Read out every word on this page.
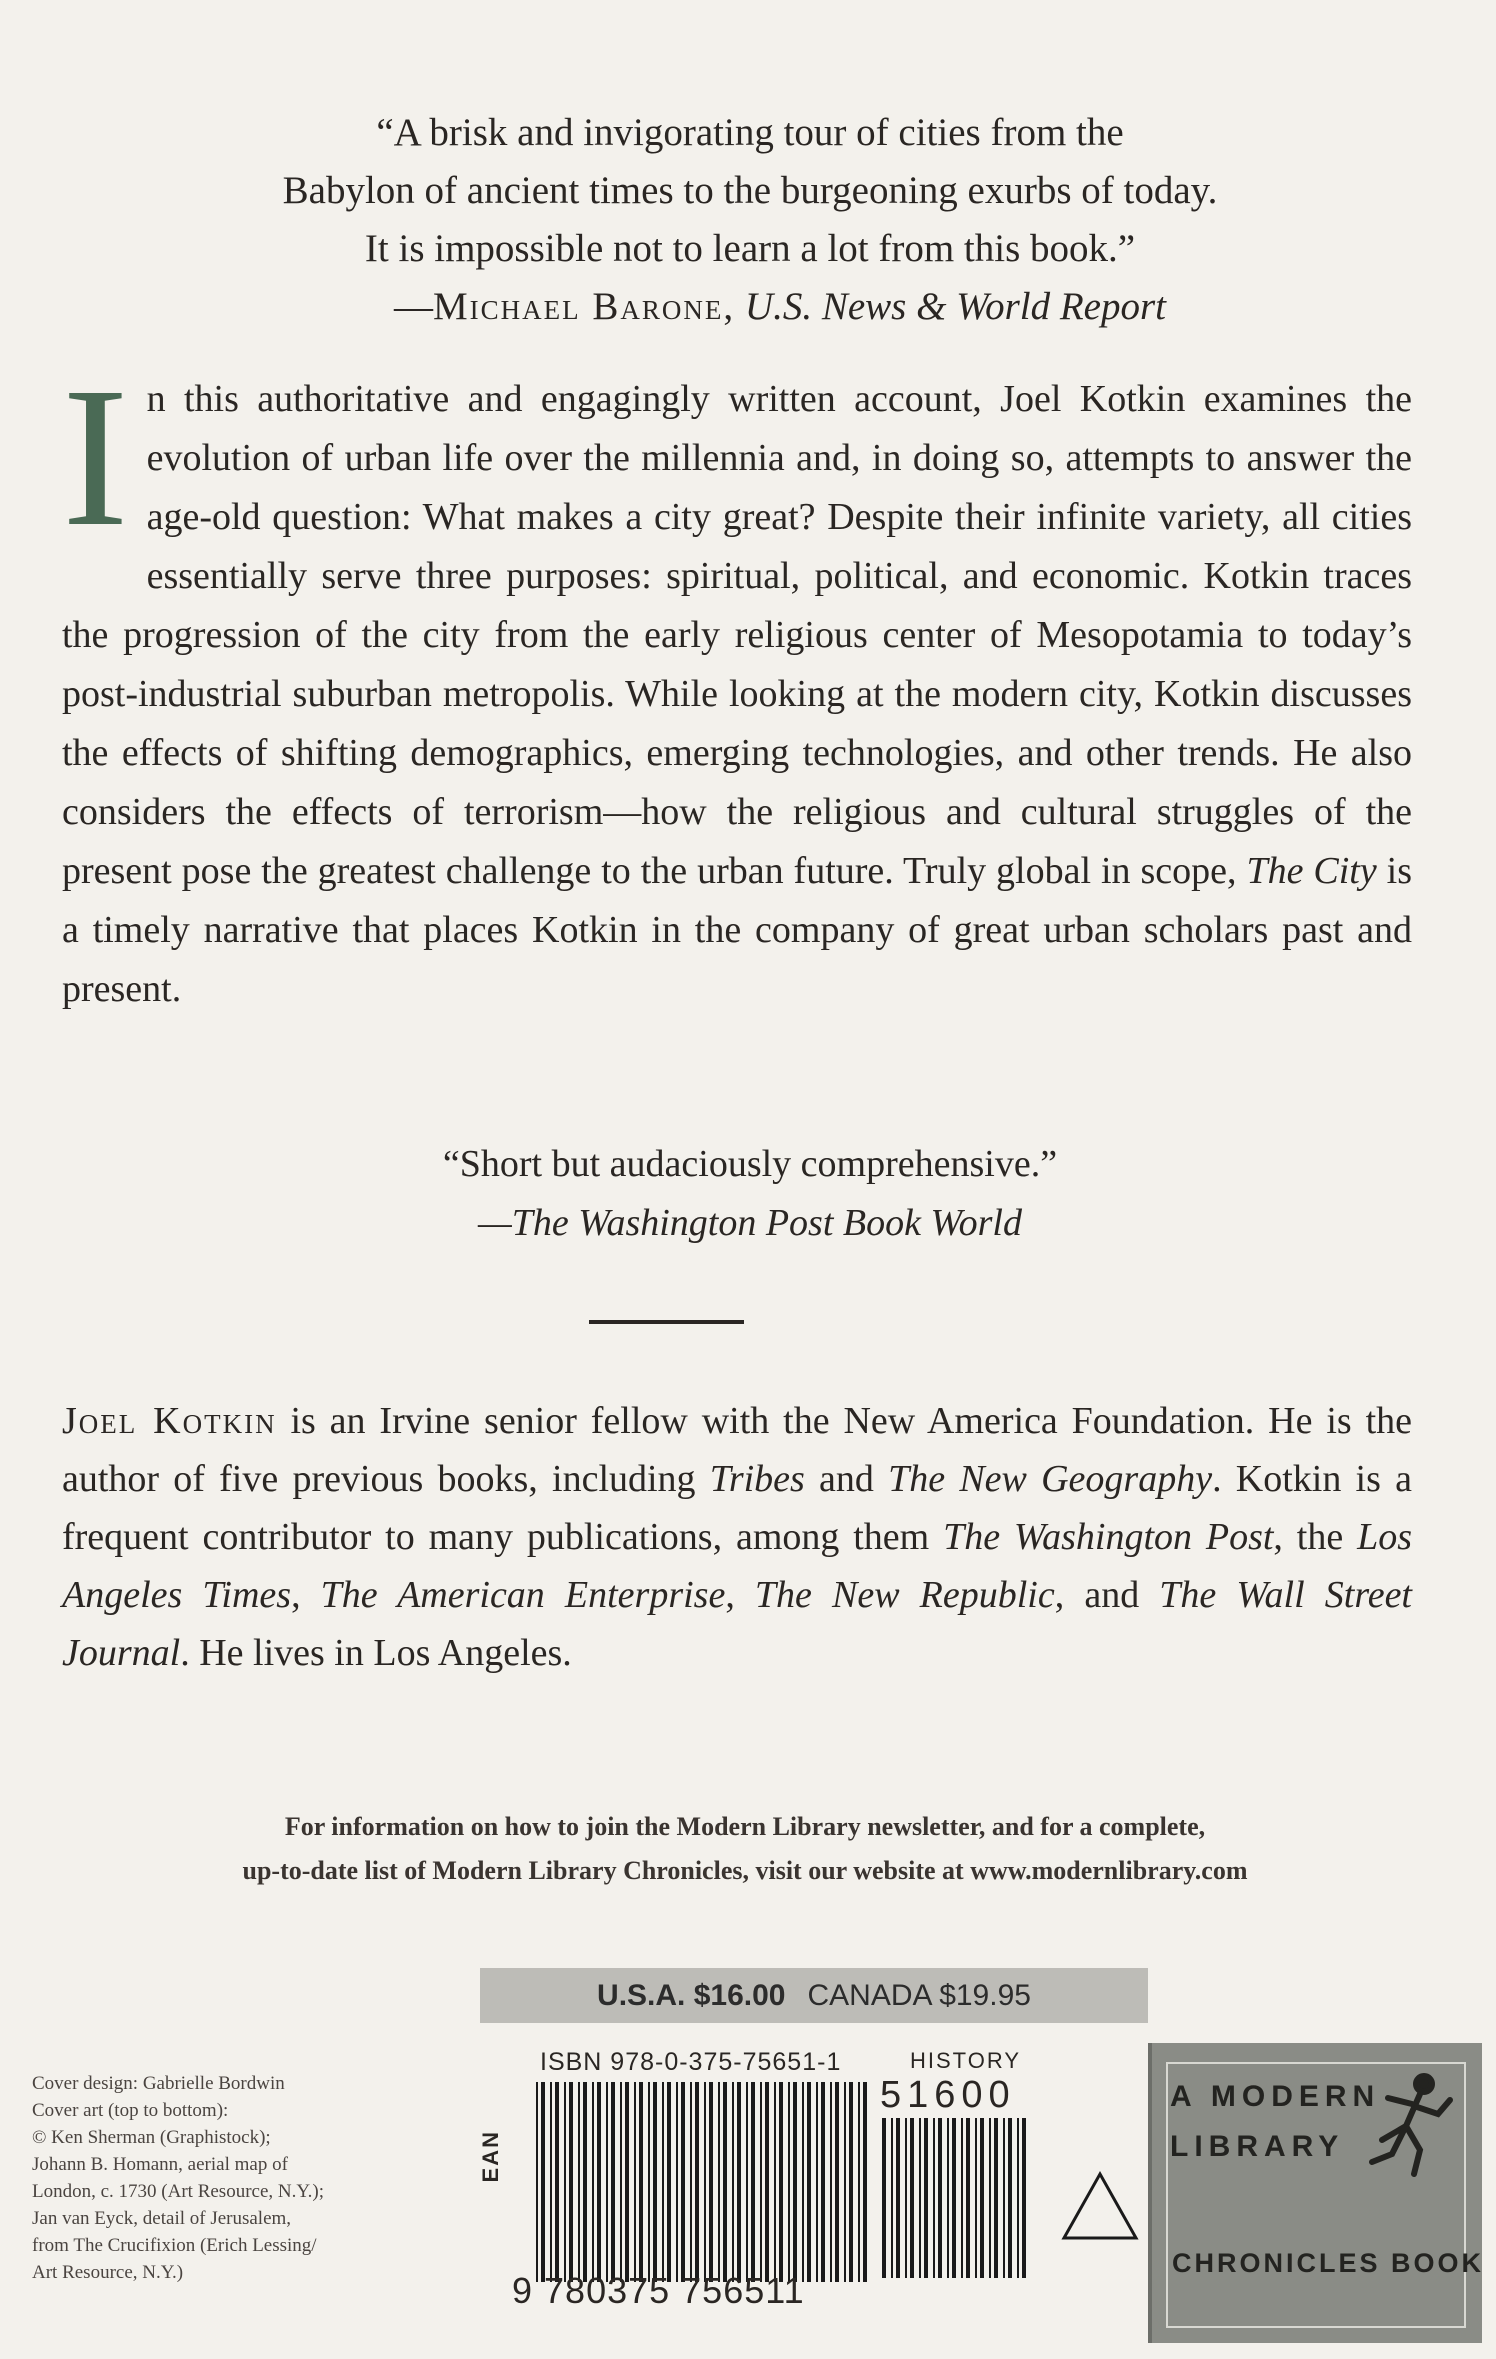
“A brisk and invigorating tour of cities from the
Babylon of ancient times to the burgeoning exurbs of today.
It is impossible not to learn a lot from this book.”
—Michael Barone, U.S. News & World Report
In this authoritative and engagingly written account, Joel Kotkin examines the evolution of urban life over the millennia and, in doing so, attempts to answer the age-old question: What makes a city great? Despite their infinite variety, all cities essentially serve three purposes: spiritual, political, and economic. Kotkin traces the progression of the city from the early religious center of Mesopotamia to today’s post-industrial suburban metropolis. While looking at the modern city, Kotkin discusses the effects of shifting demographics, emerging technologies, and other trends. He also considers the effects of terrorism—how the religious and cultural struggles of the present pose the greatest challenge to the urban future. Truly global in scope, The City is a timely narrative that places Kotkin in the company of great urban scholars past and present.
“Short but audaciously comprehensive.”
—The Washington Post Book World
Joel Kotkin is an Irvine senior fellow with the New America Foundation. He is the author of five previous books, including Tribes and The New Geography. Kotkin is a frequent contributor to many publications, among them The Washington Post, the Los Angeles Times, The American Enterprise, The New Republic, and The Wall Street Journal. He lives in Los Angeles.
For information on how to join the Modern Library newsletter, and for a complete,
up-to-date list of Modern Library Chronicles, visit our website at www.modernlibrary.com
U.S.A. $16.00 CANADA $19.95
Cover design: Gabrielle Bordwin
Cover art (top to bottom):
© Ken Sherman (Graphistock);
Johann B. Homann, aerial map of
London, c. 1730 (Art Resource, N.Y.);
Jan van Eyck, detail of Jerusalem,
from The Crucifixion (Erich Lessing/
Art Resource, N.Y.)
ISBN 978-0-375-75651-1	HISTORY
EAN
9 780375 756511
51600	A MODERN
LIBRARY
CHRONICLES BOOK
